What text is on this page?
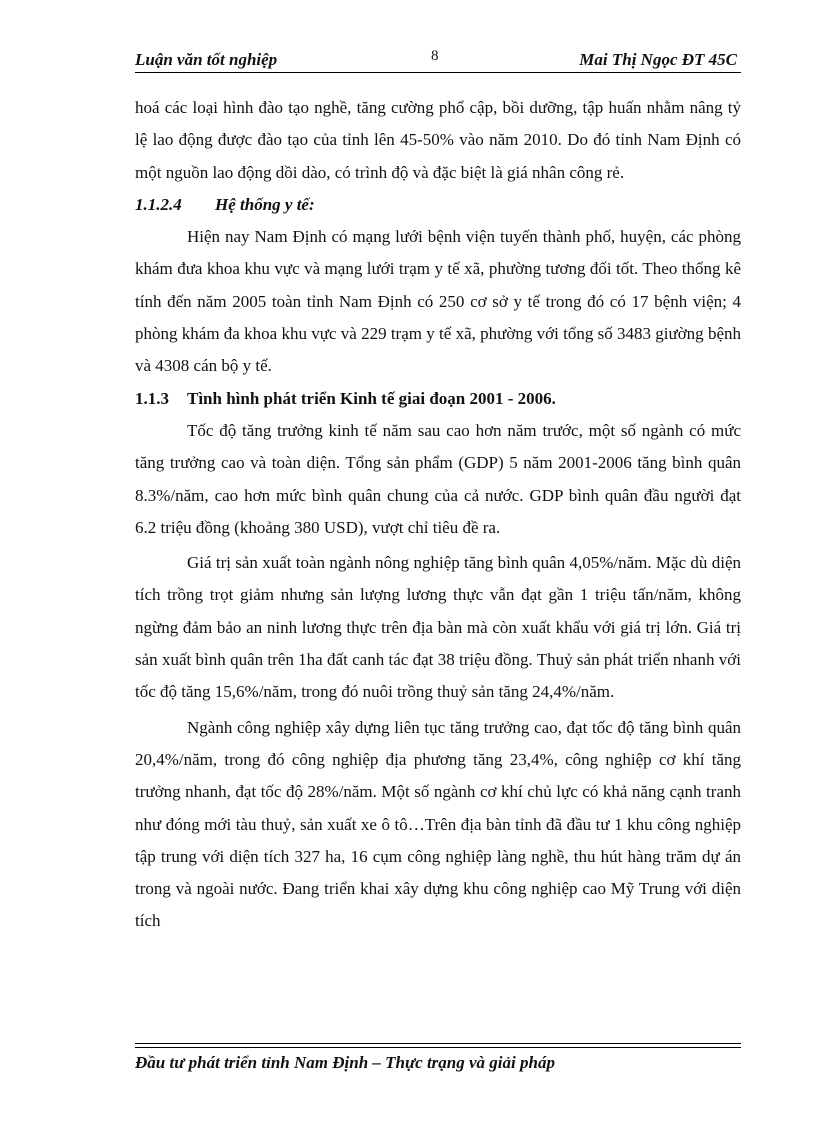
Luận văn tốt nghiệp	8	Mai Thị Ngọc ĐT 45C

hoá các loại hình đào tạo nghề, tăng cường phổ cập, bồi dưỡng, tập huấn nhằm nâng tỷ lệ lao động được đào tạo của tỉnh lên 45-50% vào năm 2010. Do đó tỉnh Nam Định có một nguồn lao động dồi dào, có trình độ và đặc biệt là giá nhân công rẻ.

1.1.2.4 Hệ thống y tế:

Hiện nay Nam Định có mạng lưới bệnh viện tuyến thành phố, huyện, các phòng khám đưa khoa khu vực và mạng lưới trạm y tế xã, phường tương đối tốt. Theo thống kê tính đến năm 2005 toàn tỉnh Nam Định có 250 cơ sở y tế trong đó có 17 bệnh viện; 4 phòng khám đa khoa khu vực và 229 trạm y tế xã, phường với tổng số 3483 giường bệnh và 4308 cán bộ y tế.

1.1.3 Tình hình phát triển Kinh tế giai đoạn 2001 - 2006.

Tốc độ tăng trưởng kinh tế năm sau cao hơn năm trước, một số ngành có mức tăng trưởng cao và toàn diện. Tổng sản phẩm (GDP) 5 năm 2001-2006 tăng bình quân 8.3%/năm, cao hơn mức bình quân chung của cả nước. GDP bình quân đầu người đạt 6.2 triệu đồng (khoảng 380 USD), vượt chỉ tiêu đề ra.

Giá trị sản xuất toàn ngành nông nghiệp tăng bình quân 4,05%/năm. Mặc dù diện tích trồng trọt giảm nhưng sản lượng lương thực vẫn đạt gần 1 triệu tấn/năm, không ngừng đảm bảo an ninh lương thực trên địa bàn mà còn xuất khẩu với giá trị lớn. Giá trị sản xuất bình quân trên 1ha đất canh tác đạt 38 triệu đồng. Thuỷ sản phát triển nhanh với tốc độ tăng 15,6%/năm, trong đó nuôi trồng thuỷ sản tăng 24,4%/năm.

Ngành công nghiệp xây dựng liên tục tăng trưởng cao, đạt tốc độ tăng bình quân 20,4%/năm, trong đó công nghiệp địa phương tăng 23,4%, công nghiệp cơ khí tăng trưởng nhanh, đạt tốc độ 28%/năm. Một số ngành cơ khí chủ lực có khả năng cạnh tranh như đóng mới tàu thuỷ, sản xuất xe ô tô…Trên địa bàn tỉnh đã đầu tư 1 khu công nghiệp tập trung với diện tích 327 ha, 16 cụm công nghiệp làng nghề, thu hút hàng trăm dự án trong và ngoài nước. Đang triển khai xây dựng khu công nghiệp cao Mỹ Trung với diện tích

Đầu tư phát triển tỉnh Nam Định – Thực trạng và giải pháp
